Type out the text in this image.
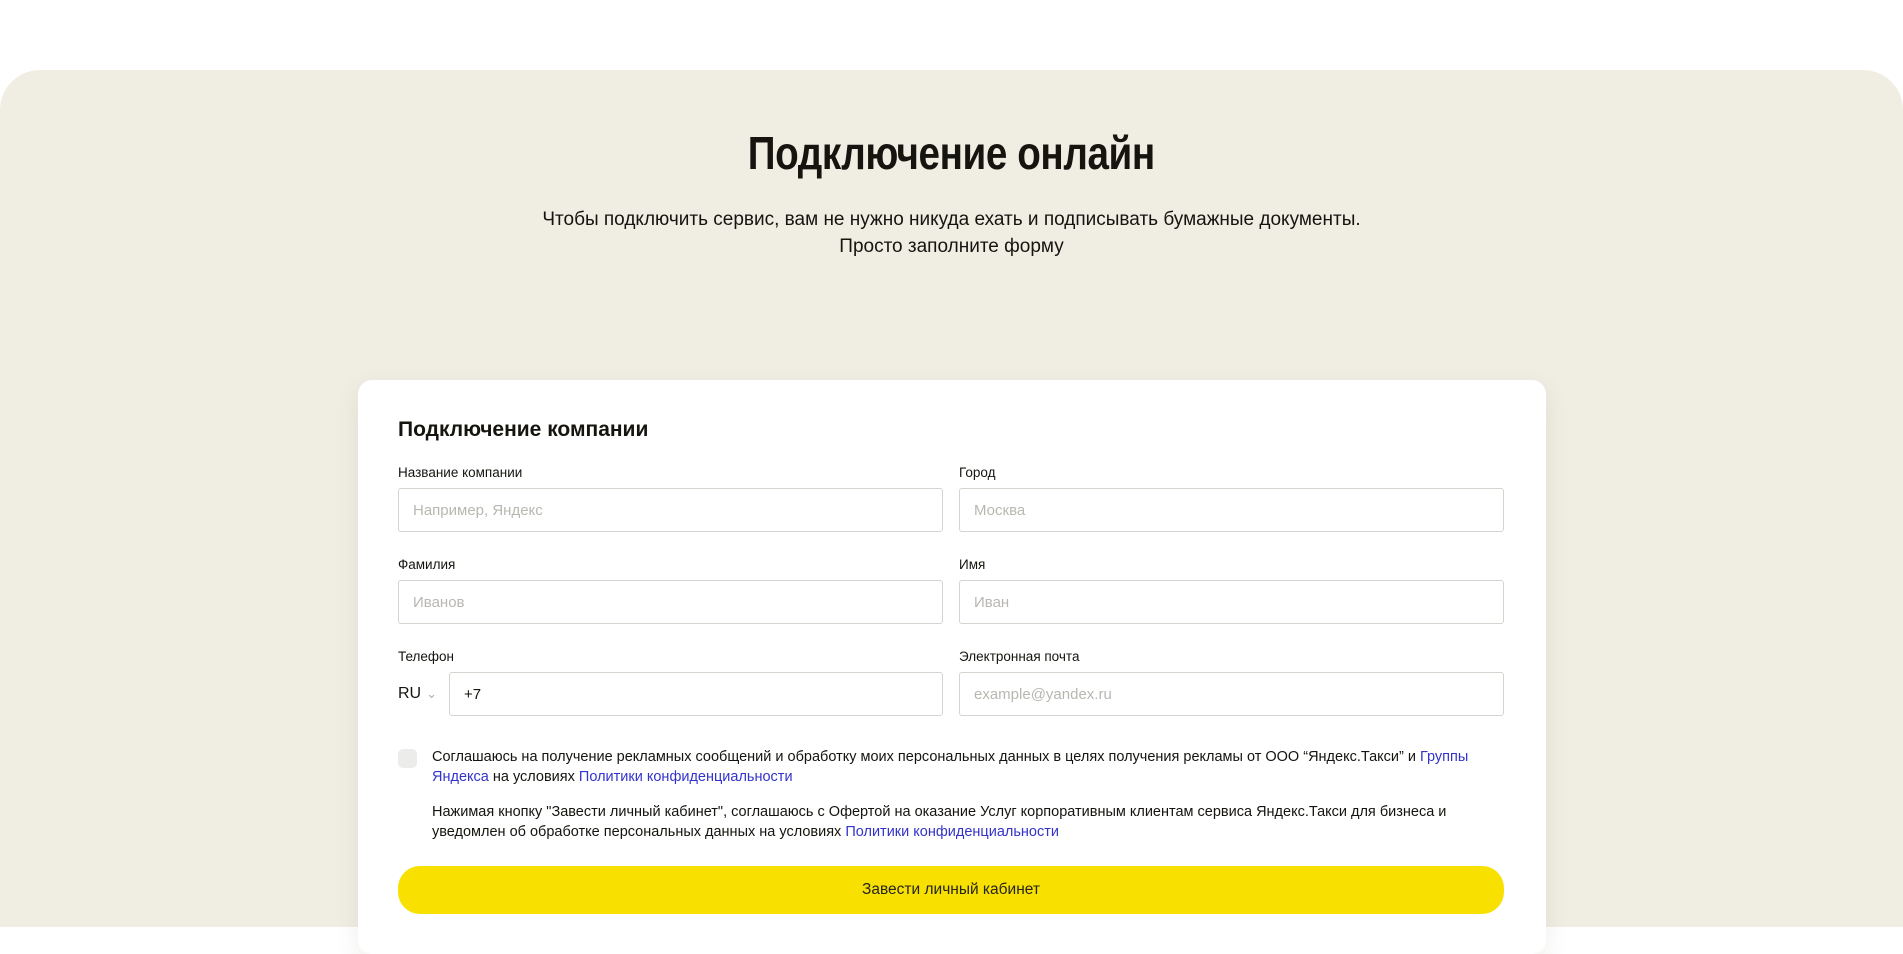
Подключение онлайн
Чтобы подключить сервис, вам не нужно никуда ехать и подписывать бумажные документы.
Просто заполните форму
Подключение компании
Название компании
Например, Яндекс	Город
Москва
Фамилия
Иванов	Имя
Иван
Телефон
RU ⌄
+7
Электронная почта
example@yandex.ru
Соглашаюсь на получение рекламных сообщений и обработку моих персональных данных в целях получения рекламы от ООО “Яндекс.Такси” и Группы Яндекса на условиях Политики конфиденциальности
Нажимая кнопку "Завести личный кабинет", соглашаюсь с Офертой на оказание Услуг корпоративным клиентам сервиса Яндекс.Такси для бизнеса и уведомлен об обработке персональных данных на условиях Политики конфиденциальности
Завести личный кабинет
